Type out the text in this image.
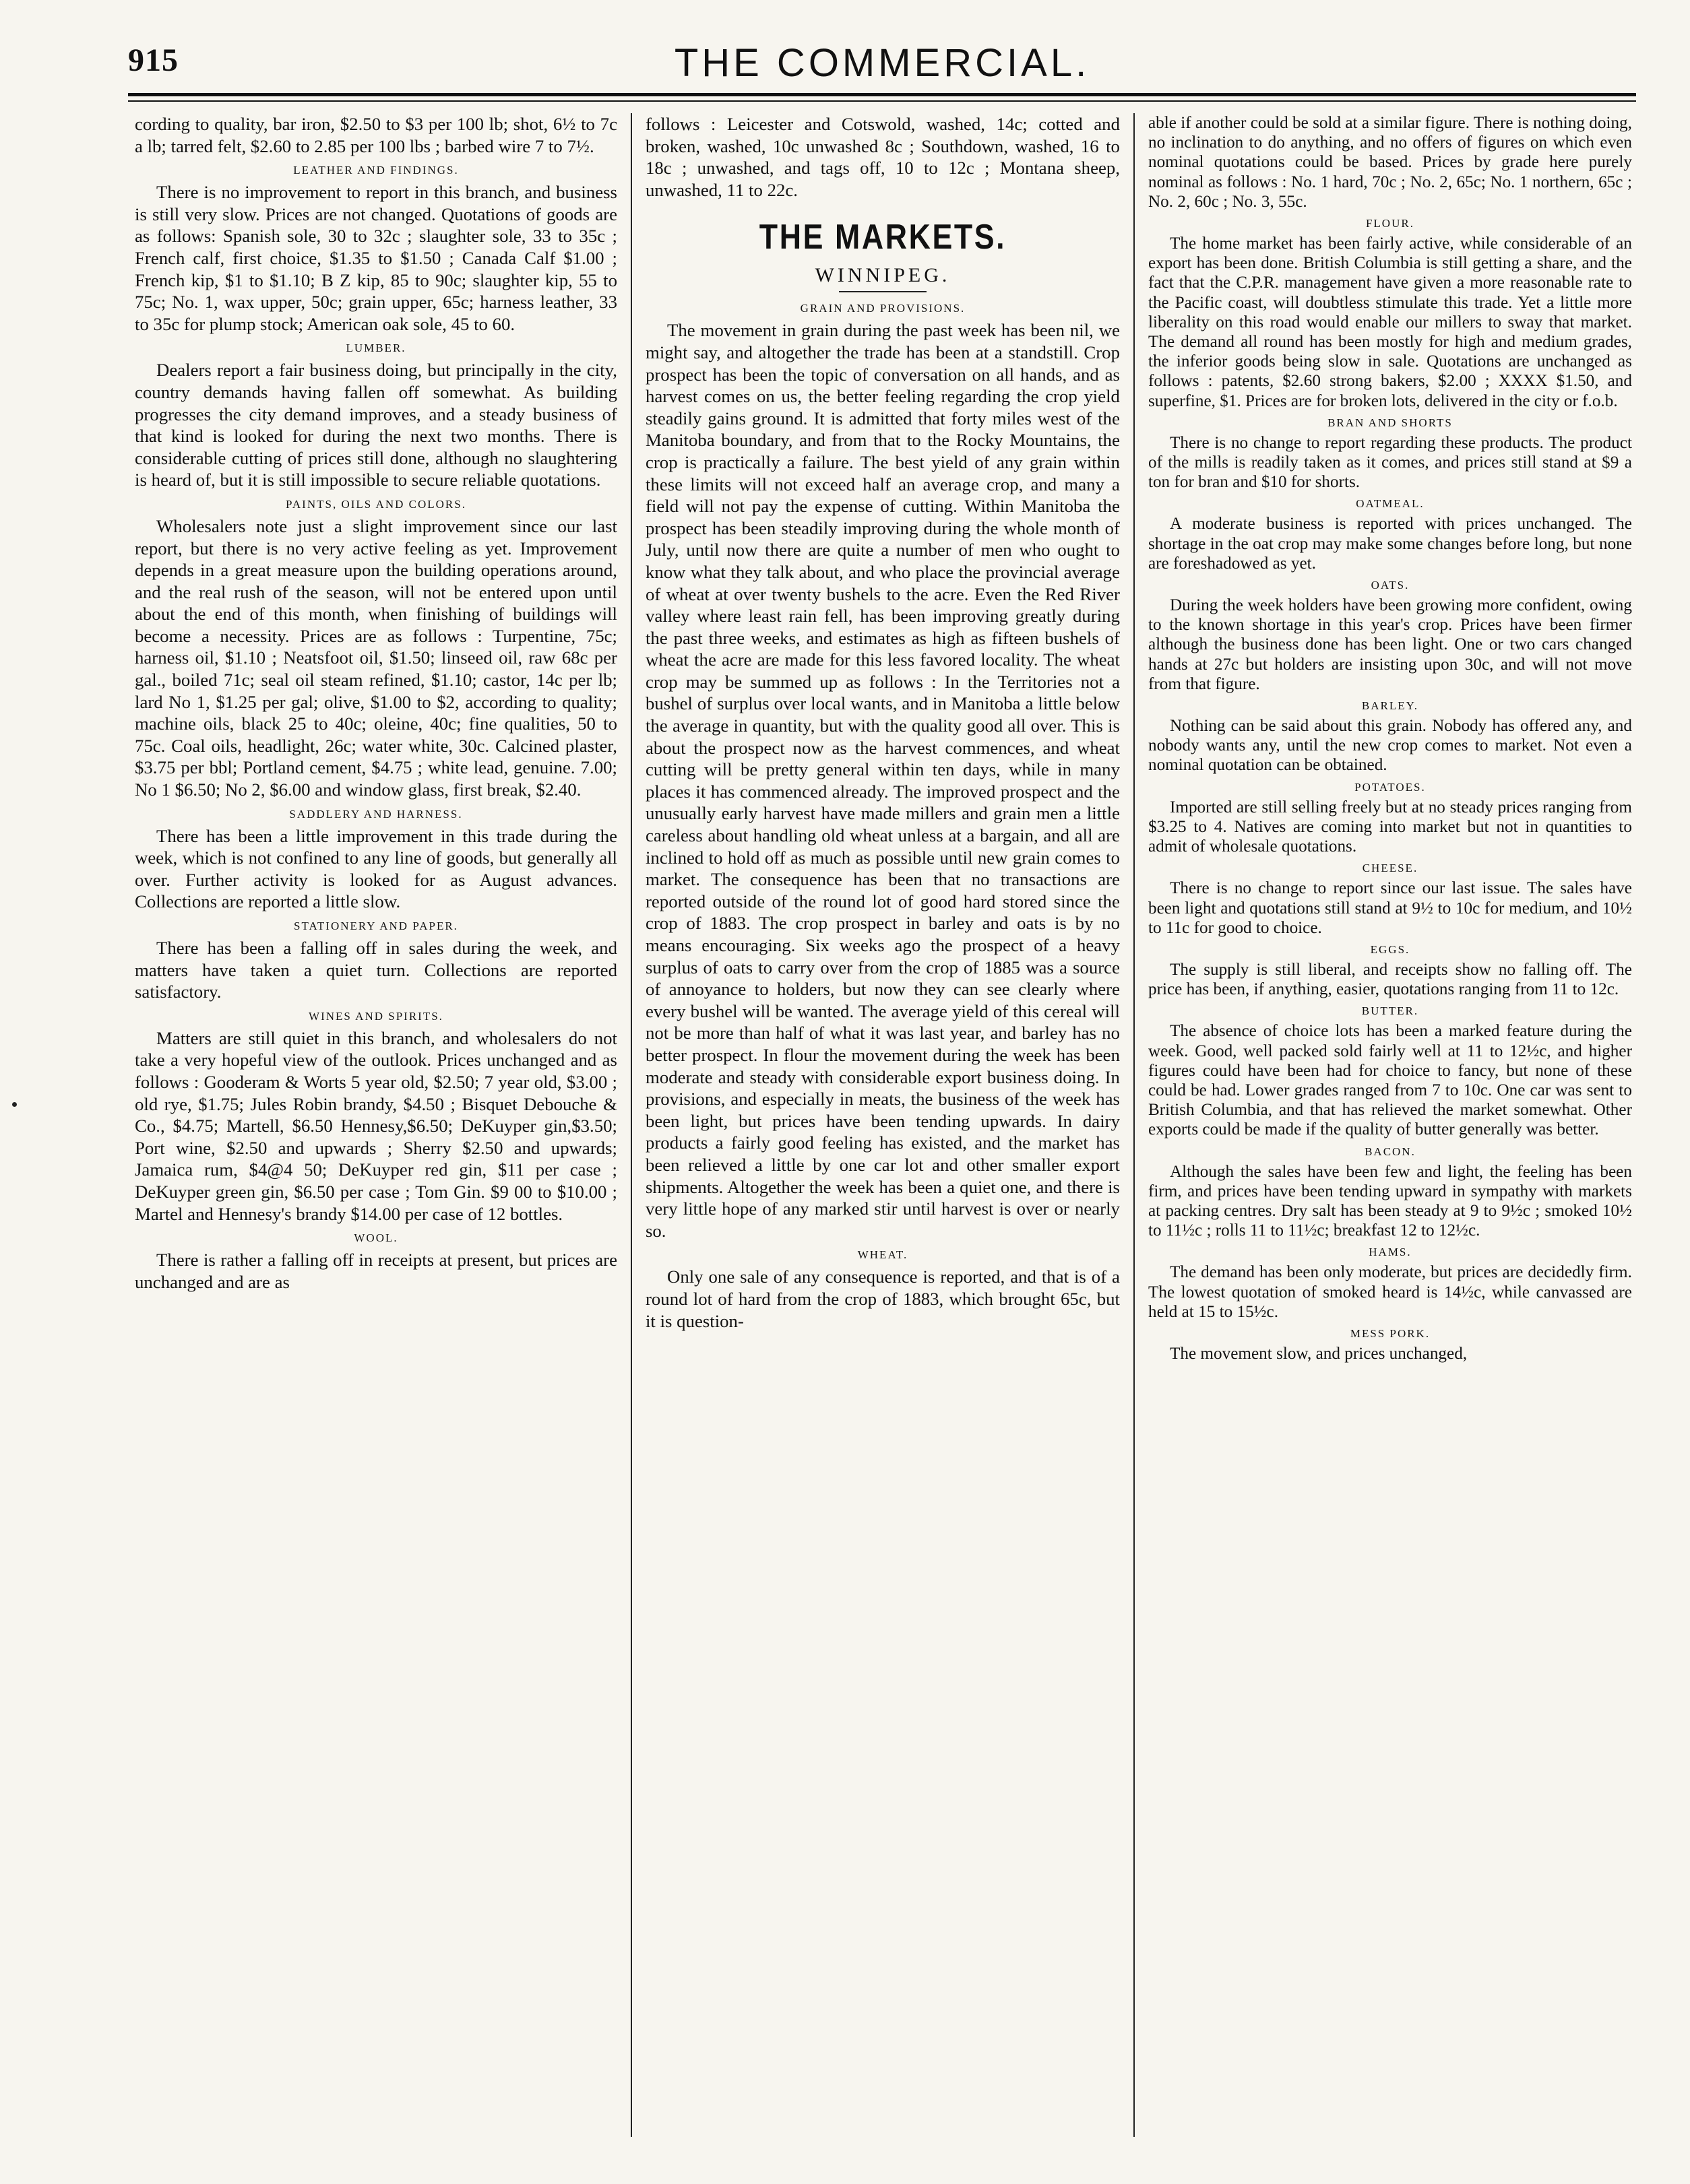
915	THE COMMERCIAL.

cording to quality, bar iron, $2.50 to $3 per 100 lb; shot, 6½ to 7c a lb; tarred felt, $2.60 to 2.85 per 100 lbs ; barbed wire 7 to 7½.

LEATHER AND FINDINGS.

There is no improvement to report in this branch, and business is still very slow. Prices are not changed. Quotations of goods are as follows: Spanish sole, 30 to 32c ; slaughter sole, 33 to 35c ; French calf, first choice, $1.35 to $1.50 ; Canada Calf $1.00 ; French kip, $1 to $1.10; B Z kip, 85 to 90c; slaughter kip, 55 to 75c; No. 1, wax upper, 50c; grain upper, 65c; harness leather, 33 to 35c for plump stock; American oak sole, 45 to 60.

LUMBER.

Dealers report a fair business doing, but principally in the city, country demands having fallen off somewhat. As building progresses the city demand improves, and a steady business of that kind is looked for during the next two months. There is considerable cutting of prices still done, although no slaughtering is heard of, but it is still impossible to secure reliable quotations.

PAINTS, OILS AND COLORS.

Wholesalers note just a slight improvement since our last report, but there is no very active feeling as yet. Improvement depends in a great measure upon the building operations around, and the real rush of the season, will not be entered upon until about the end of this month, when finishing of buildings will become a necessity. Prices are as follows : Turpentine, 75c; harness oil, $1.10 ; Neatsfoot oil, $1.50; linseed oil, raw 68c per gal., boiled 71c; seal oil steam refined, $1.10; castor, 14c per lb; lard No 1, $1.25 per gal; olive, $1.00 to $2, according to quality; machine oils, black 25 to 40c; oleine, 40c; fine qualities, 50 to 75c. Coal oils, headlight, 26c; water white, 30c. Calcined plaster, $3.75 per bbl; Portland cement, $4.75 ; white lead, genuine. 7.00; No 1 $6.50; No 2, $6.00 and window glass, first break, $2.40.

SADDLERY AND HARNESS.

There has been a little improvement in this trade during the week, which is not confined to any line of goods, but generally all over. Further activity is looked for as August advances. Collections are reported a little slow.

STATIONERY AND PAPER.

There has been a falling off in sales during the week, and matters have taken a quiet turn. Collections are reported satisfactory.

WINES AND SPIRITS.

Matters are still quiet in this branch, and wholesalers do not take a very hopeful view of the outlook. Prices unchanged and as follows : Gooderam & Worts 5 year old, $2.50; 7 year old, $3.00 ; old rye, $1.75; Jules Robin brandy, $4.50 ; Bisquet Debouche & Co., $4.75; Martell, $6.50 Hennesy,$6.50; DeKuyper gin,$3.50; Port wine, $2.50 and upwards ; Sherry $2.50 and upwards; Jamaica rum, $4@4 50; DeKuyper red gin, $11 per case ; DeKuyper green gin, $6.50 per case ; Tom Gin. $9 00 to $10.00 ; Martel and Hennesy's brandy $14.00 per case of 12 bottles.

WOOL.

There is rather a falling off in receipts at present, but prices are unchanged and are as

follows : Leicester and Cotswold, washed, 14c; cotted and broken, washed, 10c unwashed 8c ; Southdown, washed, 16 to 18c ; unwashed, and tags off, 10 to 12c ; Montana sheep, unwashed, 11 to 22c.

THE MARKETS.
WINNIPEG.
GRAIN AND PROVISIONS.

The movement in grain during the past week has been nil, we might say, and altogether the trade has been at a standstill. Crop prospect has been the topic of conversation on all hands, and as harvest comes on us, the better feeling regarding the crop yield steadily gains ground. It is admitted that forty miles west of the Manitoba boundary, and from that to the Rocky Mountains, the crop is practically a failure. The best yield of any grain within these limits will not exceed half an average crop, and many a field will not pay the expense of cutting. Within Manitoba the prospect has been steadily improving during the whole month of July, until now there are quite a number of men who ought to know what they talk about, and who place the provincial average of wheat at over twenty bushels to the acre. Even the Red River valley where least rain fell, has been improving greatly during the past three weeks, and estimates as high as fifteen bushels of wheat the acre are made for this less favored locality. The wheat crop may be summed up as follows : In the Territories not a bushel of surplus over local wants, and in Manitoba a little below the average in quantity, but with the quality good all over. This is about the prospect now as the harvest commences, and wheat cutting will be pretty general within ten days, while in many places it has commenced already. The improved prospect and the unusually early harvest have made millers and grain men a little careless about handling old wheat unless at a bargain, and all are inclined to hold off as much as possible until new grain comes to market. The consequence has been that no transactions are reported outside of the round lot of good hard stored since the crop of 1883. The crop prospect in barley and oats is by no means encouraging. Six weeks ago the prospect of a heavy surplus of oats to carry over from the crop of 1885 was a source of annoyance to holders, but now they can see clearly where every bushel will be wanted. The average yield of this cereal will not be more than half of what it was last year, and barley has no better prospect. In flour the movement during the week has been moderate and steady with considerable export business doing. In provisions, and especially in meats, the business of the week has been light, but prices have been tending upwards. In dairy products a fairly good feeling has existed, and the market has been relieved a little by one car lot and other smaller export shipments. Altogether the week has been a quiet one, and there is very little hope of any marked stir until harvest is over or nearly so.

WHEAT.

Only one sale of any consequence is reported, and that is of a round lot of hard from the crop of 1883, which brought 65c, but it is question-

able if another could be sold at a similar figure. There is nothing doing, no inclination to do anything, and no offers of figures on which even nominal quotations could be based. Prices by grade here purely nominal as follows : No. 1 hard, 70c ; No. 2, 65c; No. 1 northern, 65c ; No. 2, 60c ; No. 3, 55c.

FLOUR.

The home market has been fairly active, while considerable of an export has been done. British Columbia is still getting a share, and the fact that the C.P.R. management have given a more reasonable rate to the Pacific coast, will doubtless stimulate this trade. Yet a little more liberality on this road would enable our millers to sway that market. The demand all round has been mostly for high and medium grades, the inferior goods being slow in sale. Quotations are unchanged as follows : patents, $2.60 strong bakers, $2.00 ; XXXX $1.50, and superfine, $1. Prices are for broken lots, delivered in the city or f.o.b.

BRAN AND SHORTS

There is no change to report regarding these products. The product of the mills is readily taken as it comes, and prices still stand at $9 a ton for bran and $10 for shorts.

OATMEAL.

A moderate business is reported with prices unchanged. The shortage in the oat crop may make some changes before long, but none are foreshadowed as yet.

OATS.

During the week holders have been growing more confident, owing to the known shortage in this year's crop. Prices have been firmer although the business done has been light. One or two cars changed hands at 27c but holders are insisting upon 30c, and will not move from that figure.

BARLEY.

Nothing can be said about this grain. Nobody has offered any, and nobody wants any, until the new crop comes to market. Not even a nominal quotation can be obtained.

POTATOES.

Imported are still selling freely but at no steady prices ranging from $3.25 to 4. Natives are coming into market but not in quantities to admit of wholesale quotations.

CHEESE.

There is no change to report since our last issue. The sales have been light and quotations still stand at 9½ to 10c for medium, and 10½ to 11c for good to choice.

EGGS.

The supply is still liberal, and receipts show no falling off. The price has been, if anything, easier, quotations ranging from 11 to 12c.

BUTTER.

The absence of choice lots has been a marked feature during the week. Good, well packed sold fairly well at 11 to 12½c, and higher figures could have been had for choice to fancy, but none of these could be had. Lower grades ranged from 7 to 10c. One car was sent to British Columbia, and that has relieved the market somewhat. Other exports could be made if the quality of butter generally was better.

BACON.

Although the sales have been few and light, the feeling has been firm, and prices have been tending upward in sympathy with markets at packing centres. Dry salt has been steady at 9 to 9½c ; smoked 10½ to 11½c ; rolls 11 to 11½c; breakfast 12 to 12½c.

HAMS.

The demand has been only moderate, but prices are decidedly firm. The lowest quotation of smoked heard is 14½c, while canvassed are held at 15 to 15½c.

MESS PORK.

The movement slow, and prices unchanged,
